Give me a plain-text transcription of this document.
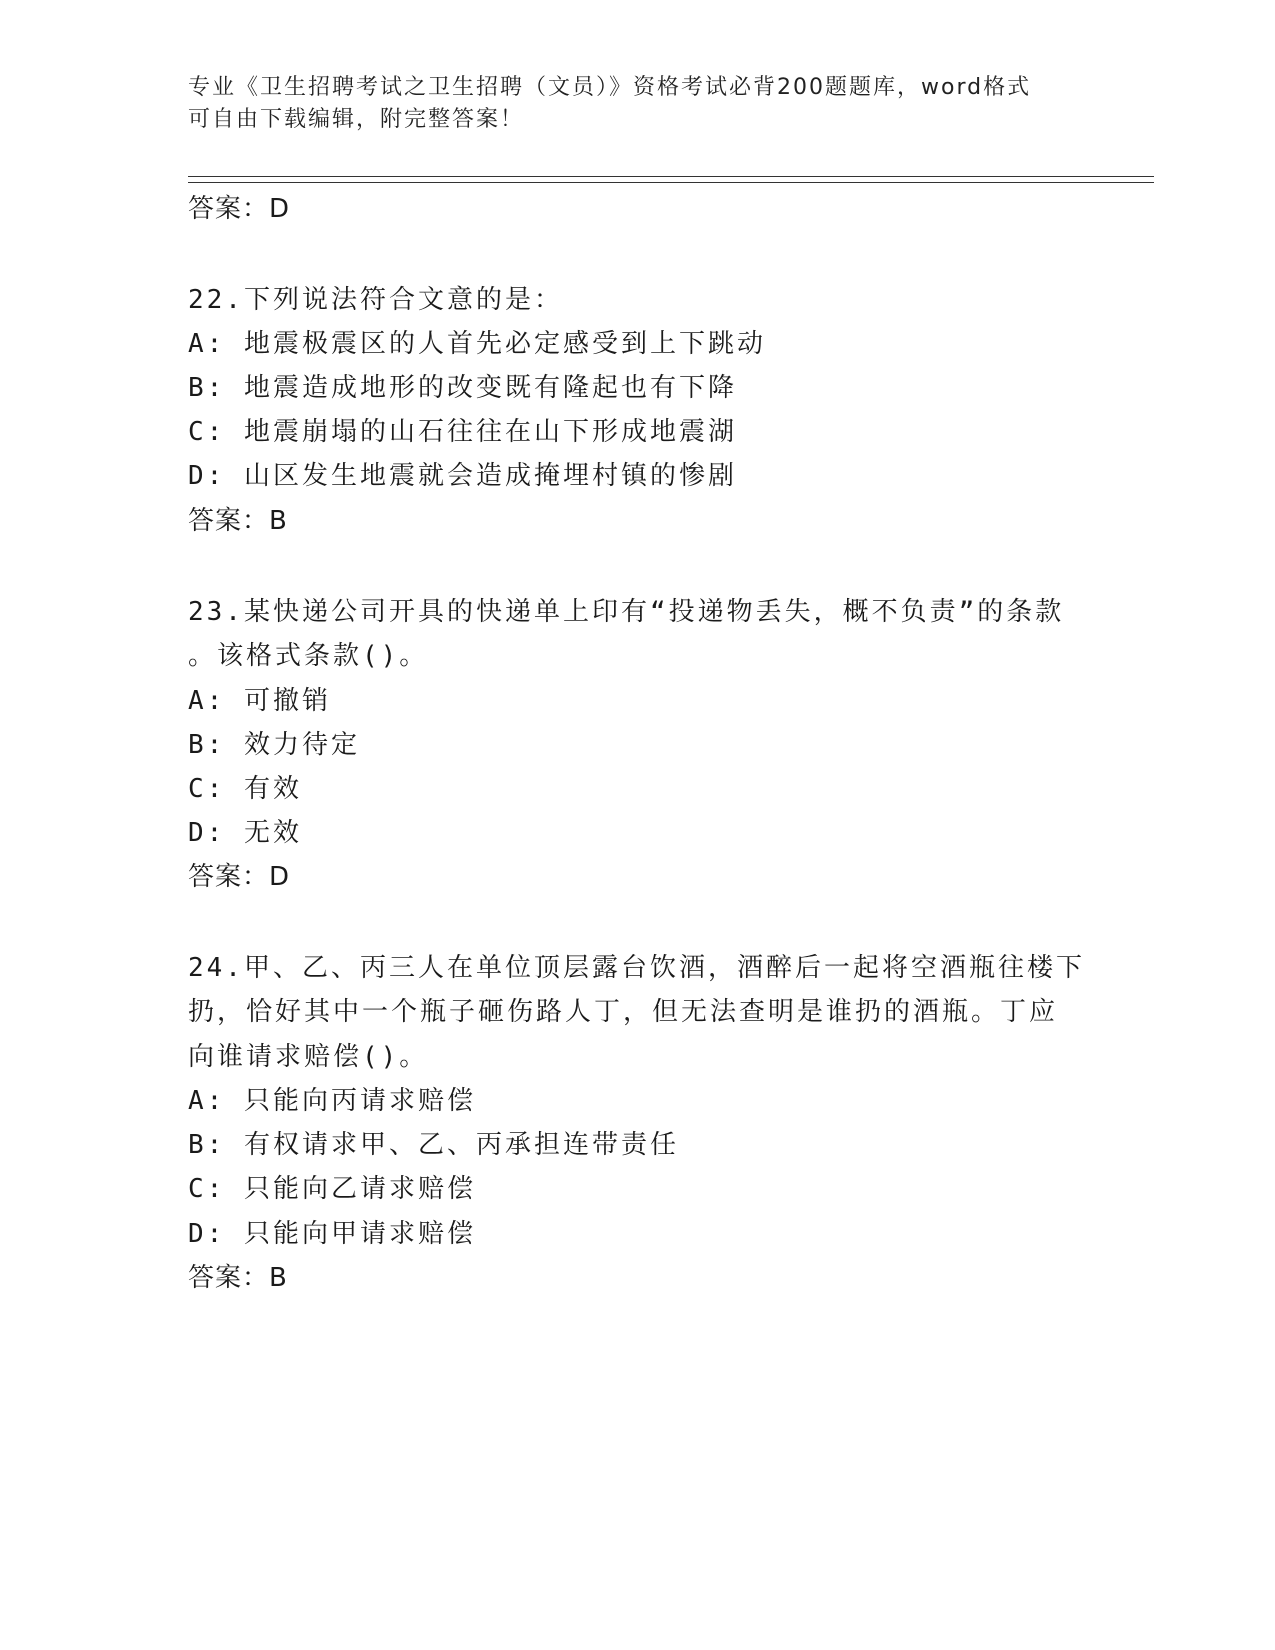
专业《卫生招聘考试之卫生招聘（文员）》资格考试必背200题题库，word格式
可自由下载编辑，附完整答案！
答案：D
22.下列说法符合文意的是：
A: 地震极震区的人首先必定感受到上下跳动
B: 地震造成地形的改变既有隆起也有下降
C: 地震崩塌的山石往往在山下形成地震湖
D: 山区发生地震就会造成掩埋村镇的惨剧
答案：B
23.某快递公司开具的快递单上印有“投递物丢失，概不负责”的条款
。该格式条款()。
A: 可撤销
B: 效力待定
C: 有效
D: 无效
答案：D
24.甲、乙、丙三人在单位顶层露台饮酒，酒醉后一起将空酒瓶往楼下
扔，恰好其中一个瓶子砸伤路人丁，但无法查明是谁扔的酒瓶。丁应
向谁请求赔偿()。
A: 只能向丙请求赔偿
B: 有权请求甲、乙、丙承担连带责任
C: 只能向乙请求赔偿
D: 只能向甲请求赔偿
答案：B
